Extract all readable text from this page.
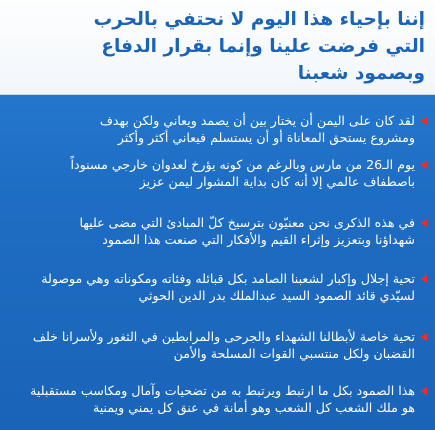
إننا بإحياء هذا اليوم لا نحتفي بالحرب
التي فرضت علينا وإنما بقرار الدفاع
وبصمود شعبنا
لقد كان على اليمن أن يختار بين أن يصمد ويعاني ولكن بهدف
ومشروع يستحق المعاناة أو أن يستسلم فيعاني أكثر وأكثر
يوم الـ26 من مارس وبالرغم من كونه يؤرخ لعدوان خارجي مسنوداً
باصطفاف عالمي إلا أنه كان بداية المشوار ليمن عزيز
في هذه الذكرى نحن معنيّون بترسيخ كلّ المبادئ التي مضى عليها
شهداؤنا وبتعزيز وإثراء القيم والأفكار التي صنعت هذا الصمود
تحية إجلال وإكبار لشعبنا الصامد بكل قبائله وفئاته ومكوناته وهي موصولة
لسيّدي قائد الصمود السيد عبدالملك بدر الدين الحوثي
تحية خاصة لأبطالنا الشهداء والجرحى والمرابطين في الثغور ولأسرانا خلف
القضبان ولكل منتسبي القوات المسلحة والأمن
هذا الصمود بكل ما ارتبط ويرتبط به من تضحيات وآمال ومكاسب مستقبلية
هو ملك الشعب كل الشعب وهو أمانة في عنق كل يمني ويمنية
